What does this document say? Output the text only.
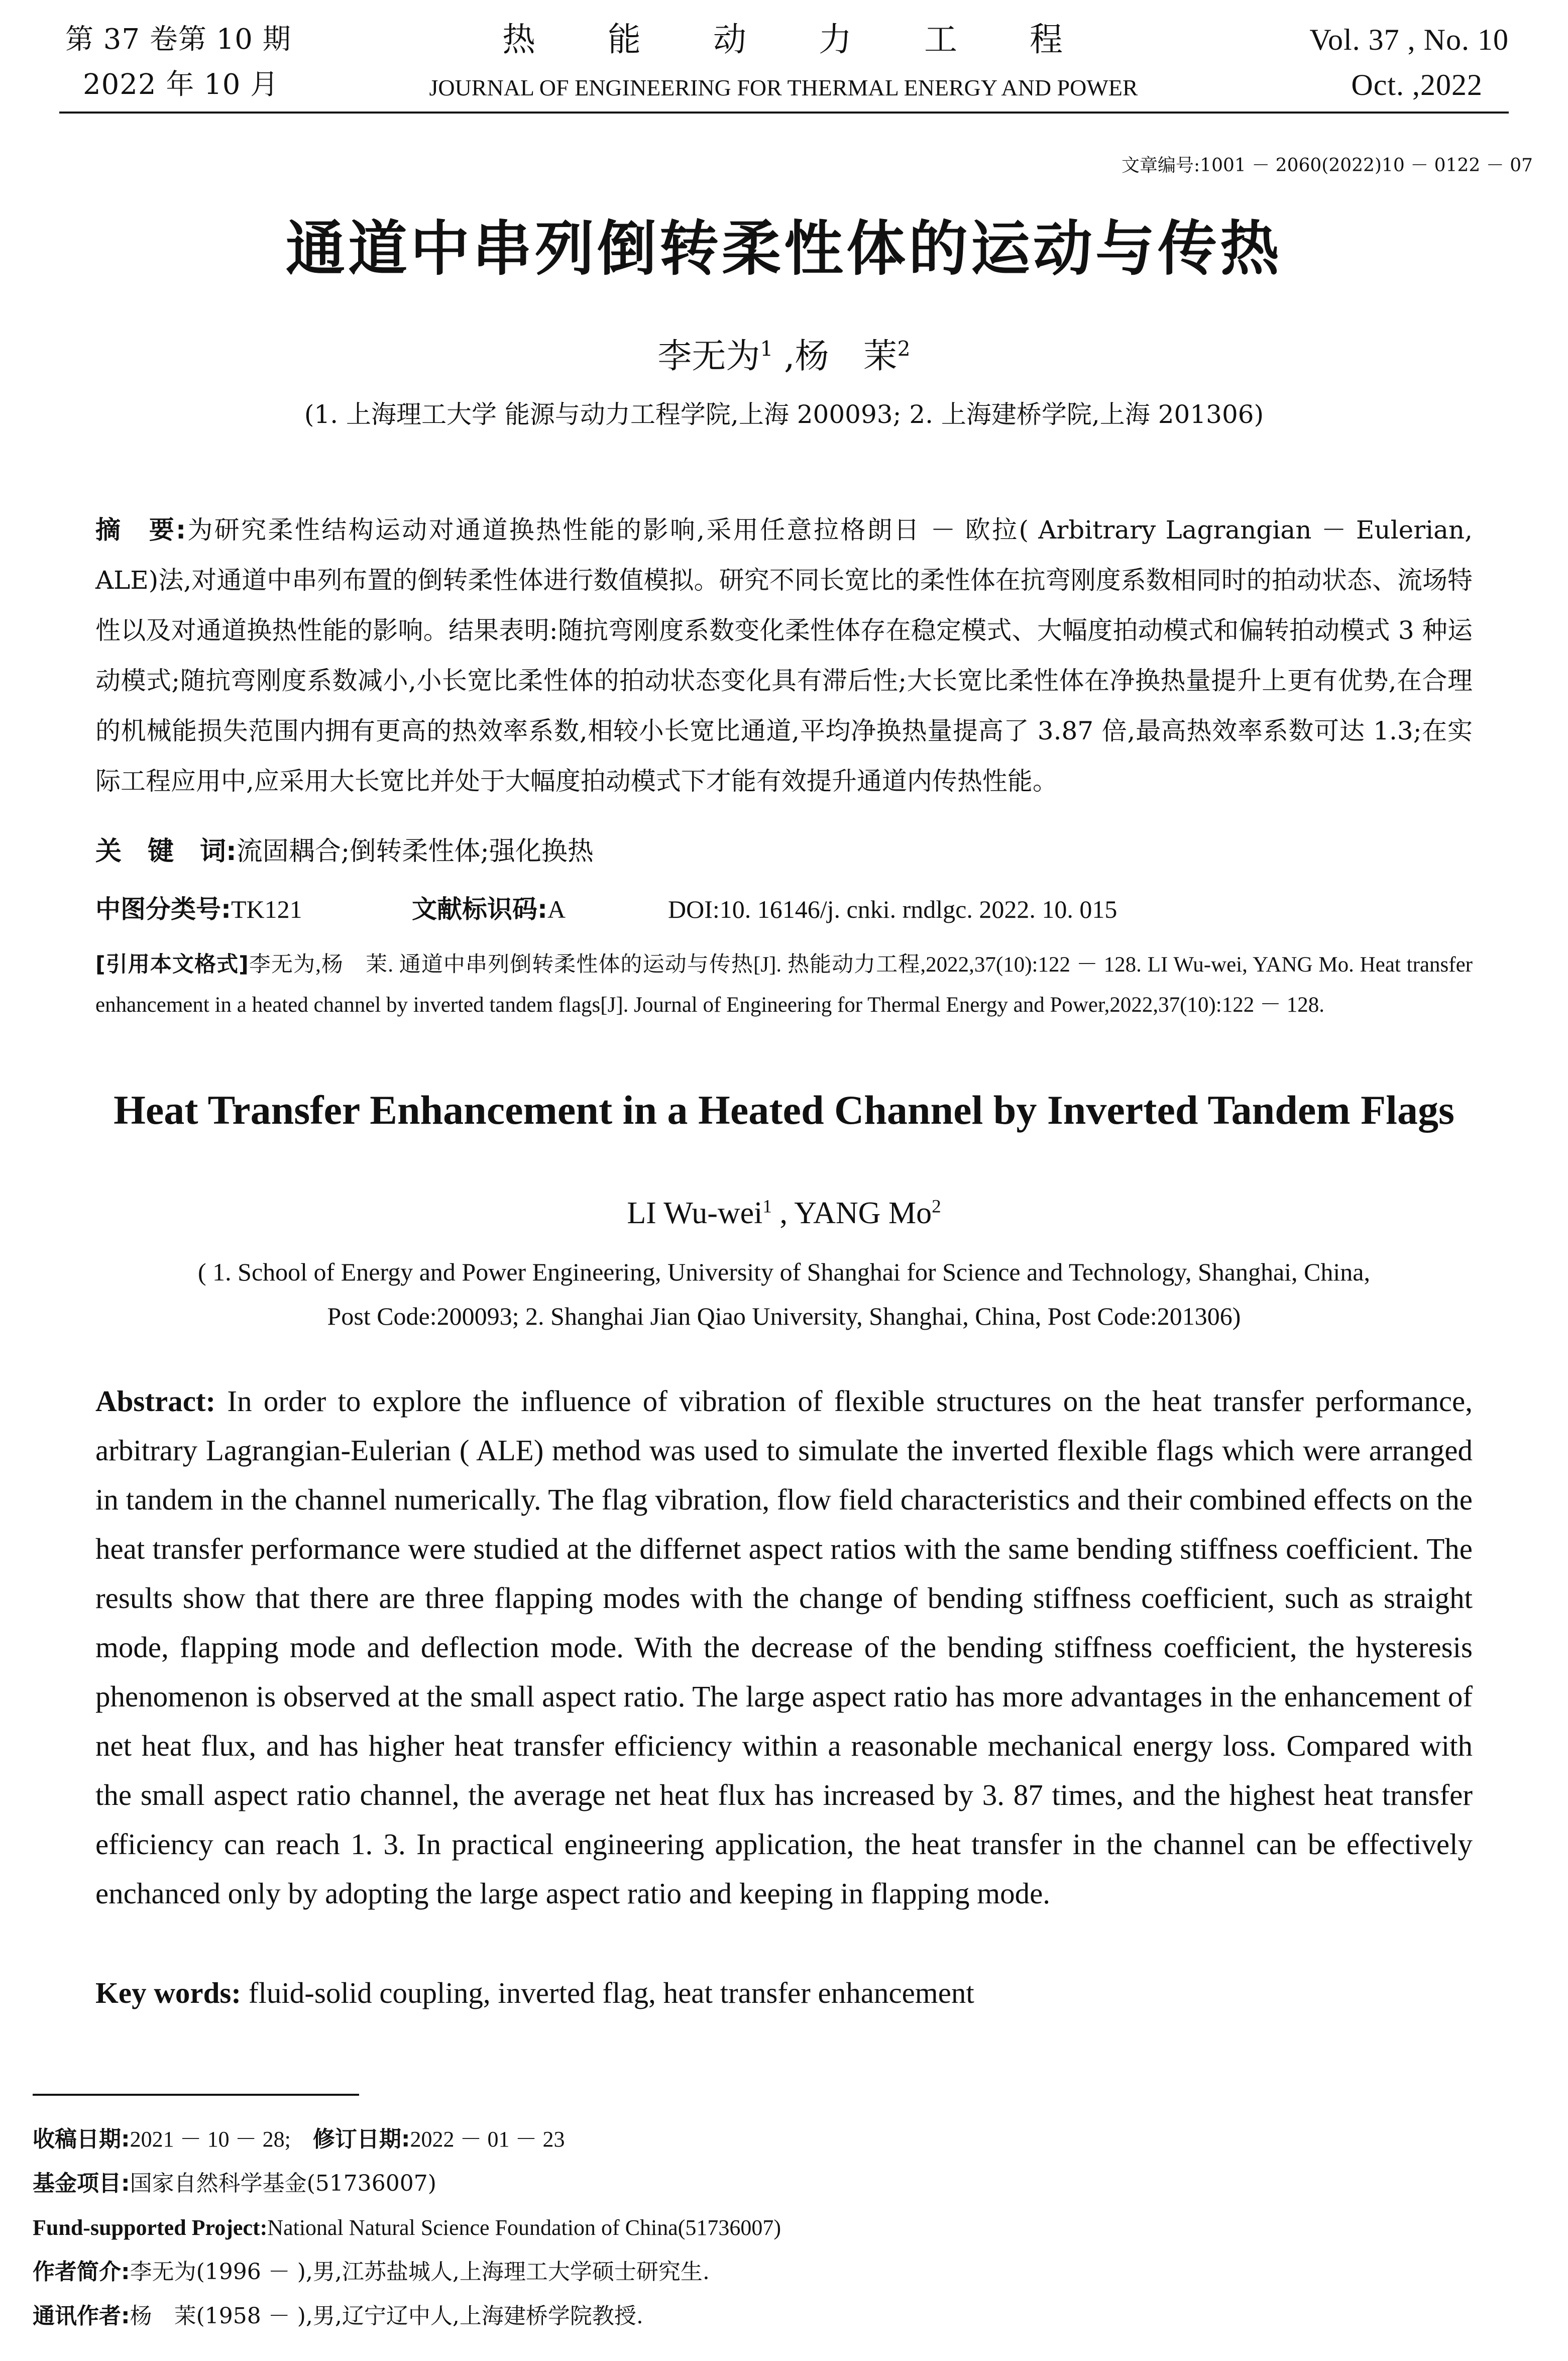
第 37 卷第 10 期
2022 年 10 月
热　　能　　动　　力　　工　　程
JOURNAL OF ENGINEERING FOR THERMAL ENERGY AND POWER
Vol. 37 , No. 10
Oct. ,2022
文章编号:1001 － 2060(2022)10 － 0122 － 07
通道中串列倒转柔性体的运动与传热
李无为$^1$ ,杨　茉$^2$
(1. 上海理工大学 能源与动力工程学院,上海 200093; 2. 上海建桥学院,上海 201306)
摘　要:为研究柔性结构运动对通道换热性能的影响,采用任意拉格朗日 － 欧拉( Arbitrary Lagrangian － Eulerian, ALE)法,对通道中串列布置的倒转柔性体进行数值模拟。研究不同长宽比的柔性体在抗弯刚度系数相同时的拍动状态、流场特性以及对通道换热性能的影响。结果表明:随抗弯刚度系数变化柔性体存在稳定模式、大幅度拍动模式和偏转拍动模式 3 种运动模式;随抗弯刚度系数减小,小长宽比柔性体的拍动状态变化具有滞后性;大长宽比柔性体在净换热量提升上更有优势,在合理的机械能损失范围内拥有更高的热效率系数,相较小长宽比通道,平均净换热量提高了 3.87 倍,最高热效率系数可达 1.3;在实际工程应用中,应采用大长宽比并处于大幅度拍动模式下才能有效提升通道内传热性能。
关　键　词:流固耦合;倒转柔性体;强化换热
中图分类号:TK121	文献标识码:A	DOI:10. 16146/j. cnki. rndlgc. 2022. 10. 015
[引用本文格式]李无为,杨　茉. 通道中串列倒转柔性体的运动与传热[J]. 热能动力工程,2022,37(10):122 － 128. LI Wu-wei, YANG Mo. Heat transfer enhancement in a heated channel by inverted tandem flags[J]. Journal of Engineering for Thermal Energy and Power,2022,37(10):122 － 128.
Heat Transfer Enhancement in a Heated Channel by Inverted Tandem Flags
LI Wu-wei$^1$ , YANG Mo$^2$
( 1. School of Energy and Power Engineering, University of Shanghai for Science and Technology, Shanghai, China,
Post Code:200093; 2. Shanghai Jian Qiao University, Shanghai, China, Post Code:201306)
Abstract: In order to explore the influence of vibration of flexible structures on the heat transfer performance, arbitrary Lagrangian-Eulerian ( ALE) method was used to simulate the inverted flexible flags which were arranged in tandem in the channel numerically. The flag vibration, flow field characteristics and their combined effects on the heat transfer performance were studied at the differnet aspect ratios with the same bending stiffness coefficient. The results show that there are three flapping modes with the change of bending stiffness coefficient, such as straight mode, flapping mode and deflection mode. With the decrease of the bending stiffness coefficient, the hysteresis phenomenon is observed at the small aspect ratio. The large aspect ratio has more advantages in the enhancement of net heat flux, and has higher heat transfer efficiency within a reasonable mechanical energy loss. Compared with the small aspect ratio channel, the average net heat flux has increased by 3. 87 times, and the highest heat transfer efficiency can reach 1. 3. In practical engineering application, the heat transfer in the channel can be effectively enchanced only by adopting the large aspect ratio and keeping in flapping mode.
Key words: fluid-solid coupling, inverted flag, heat transfer enhancement
收稿日期:2021 － 10 － 28;　 修订日期:2022 － 01 － 23
基金项目:国家自然科学基金(51736007)
Fund-supported Project:National Natural Science Foundation of China(51736007)
作者简介:李无为(1996 － ),男,江苏盐城人,上海理工大学硕士研究生.
通讯作者:杨　茉(1958 － ),男,辽宁辽中人,上海建桥学院教授.
